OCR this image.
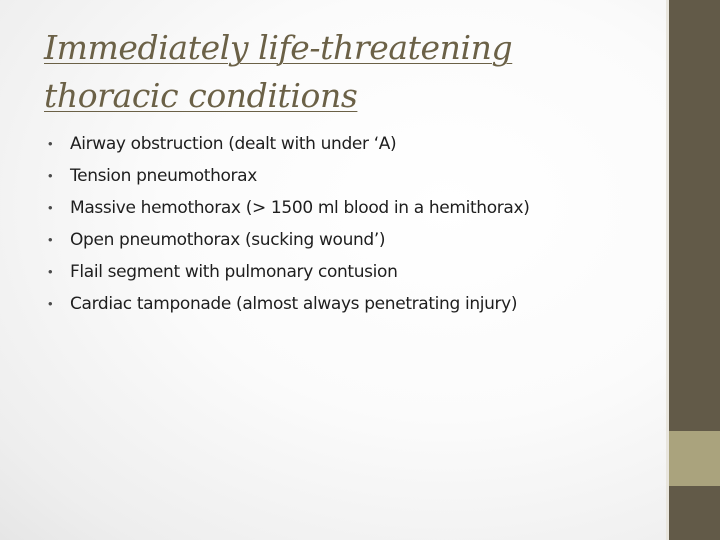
Immediately life-threatening
thoracic conditions
• Airway obstruction (dealt with under ‘A)
• Tension pneumothorax
• Massive hemothorax (> 1500 ml blood in a hemithorax)
• Open pneumothorax (sucking wound’)
• Flail segment with pulmonary contusion
• Cardiac tamponade (almost always penetrating injury)
